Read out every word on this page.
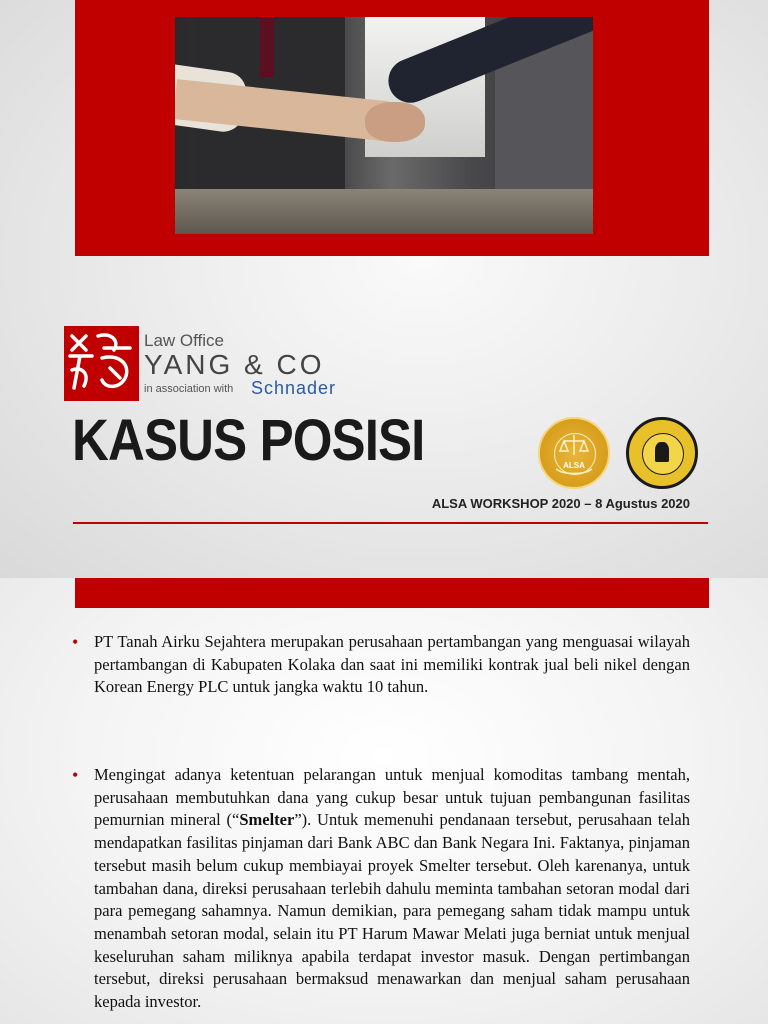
Law Office
YANG & CO
in association with Schnader
KASUS POSISI	ALSA
ALSA WORKSHOP 2020 – 8 Agustus 2020
• PT Tanah Airku Sejahtera merupakan perusahaan pertambangan yang menguasai wilayah pertambangan di Kabupaten Kolaka dan saat ini memiliki kontrak jual beli nikel dengan Korean Energy PLC untuk jangka waktu 10 tahun.
• Mengingat adanya ketentuan pelarangan untuk menjual komoditas tambang mentah, perusahaan membutuhkan dana yang cukup besar untuk tujuan pembangunan fasilitas pemurnian mineral (“Smelter”). Untuk memenuhi pendanaan tersebut, perusahaan telah mendapatkan fasilitas pinjaman dari Bank ABC dan Bank Negara Ini. Faktanya, pinjaman tersebut masih belum cukup membiayai proyek Smelter tersebut. Oleh karenanya, untuk tambahan dana, direksi perusahaan terlebih dahulu meminta tambahan setoran modal dari para pemegang sahamnya. Namun demikian, para pemegang saham tidak mampu untuk menambah setoran modal, selain itu PT Harum Mawar Melati juga berniat untuk menjual keseluruhan saham miliknya apabila terdapat investor masuk. Dengan pertimbangan tersebut, direksi perusahaan bermaksud menawarkan dan menjual saham perusahaan kepada investor.
